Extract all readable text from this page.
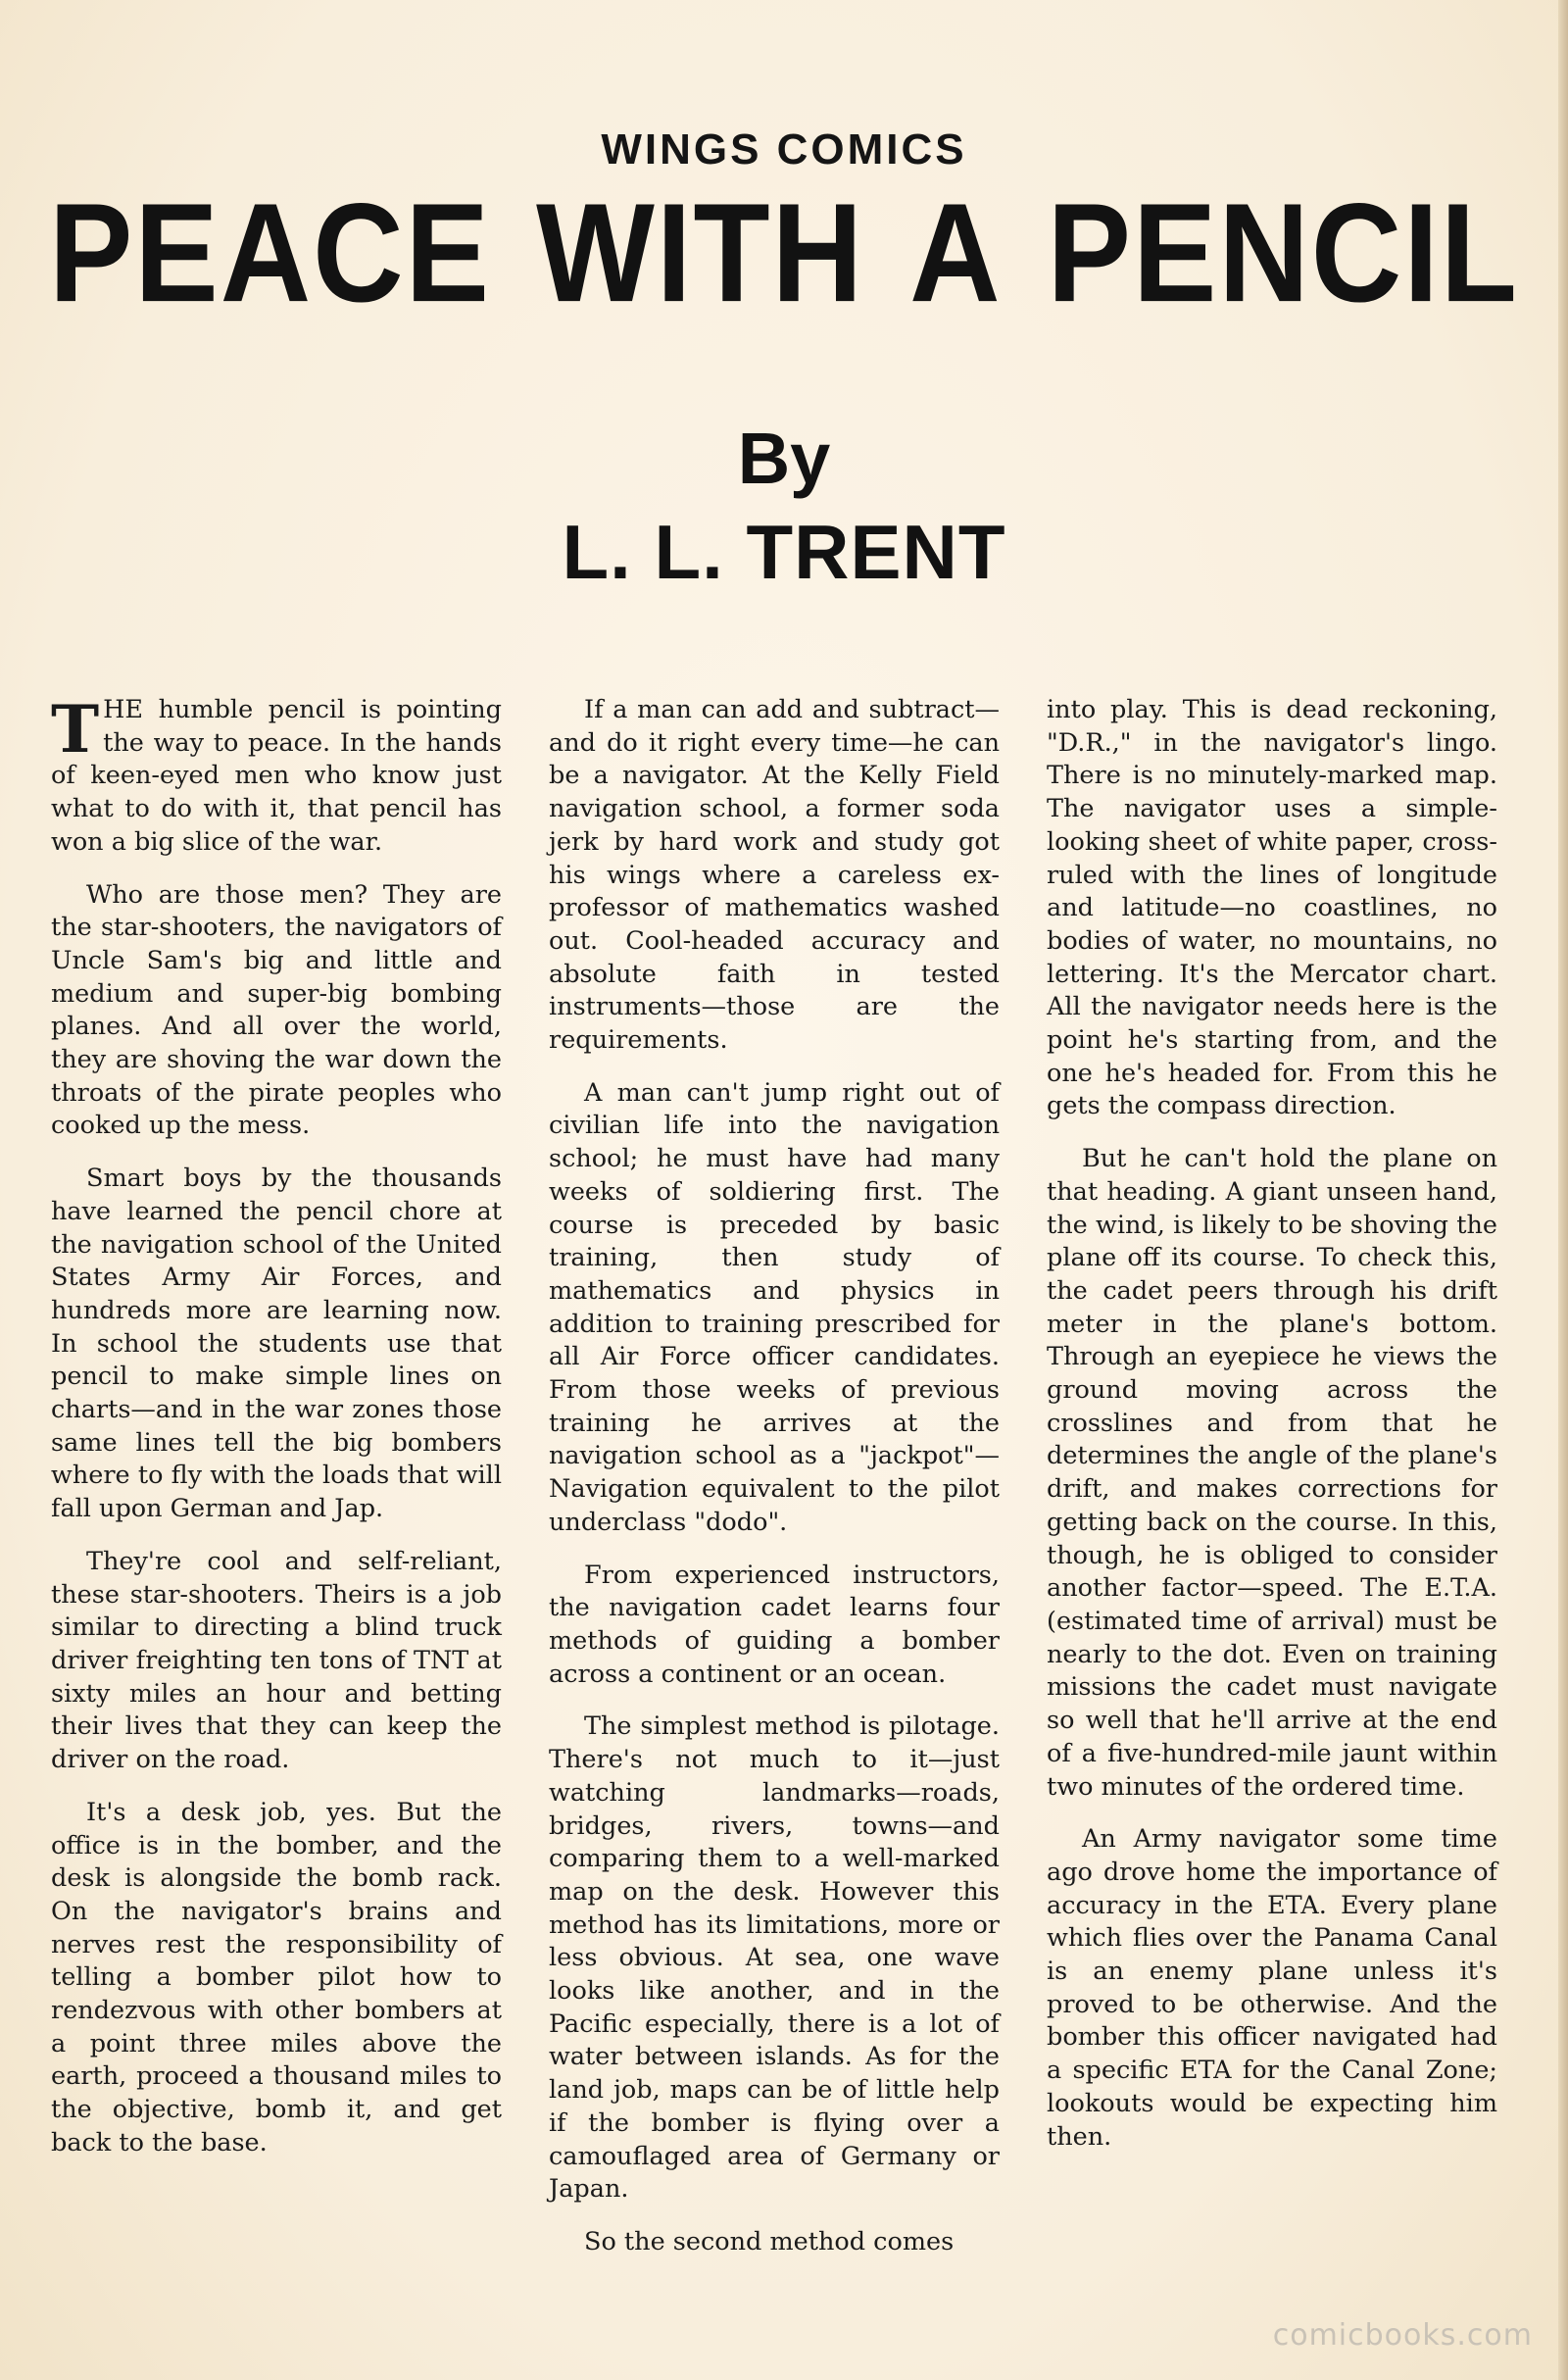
WINGS COMICS
PEACE WITH A PENCIL
By
L. L. TRENT

THE humble pencil is pointing the way to peace. In the hands of keen-eyed men who know just what to do with it, that pencil has won a big slice of the war.

Who are those men? They are the star-shooters, the navigators of Uncle Sam's big and little and medium and super-big bombing planes. And all over the world, they are shoving the war down the throats of the pirate peoples who cooked up the mess.

Smart boys by the thousands have learned the pencil chore at the navigation school of the United States Army Air Forces, and hundreds more are learning now. In school the students use that pencil to make simple lines on charts—and in the war zones those same lines tell the big bombers where to fly with the loads that will fall upon German and Jap.

They're cool and self-reliant, these star-shooters. Theirs is a job similar to directing a blind truck driver freighting ten tons of TNT at sixty miles an hour and betting their lives that they can keep the driver on the road.

It's a desk job, yes. But the office is in the bomber, and the desk is alongside the bomb rack. On the navigator's brains and nerves rest the responsibility of telling a bomber pilot how to rendezvous with other bombers at a point three miles above the earth, proceed a thousand miles to the objective, bomb it, and get back to the base.

If a man can add and subtract—and do it right every time—he can be a navigator. At the Kelly Field navigation school, a former soda jerk by hard work and study got his wings where a careless ex-professor of mathematics washed out. Cool-headed accuracy and absolute faith in tested instruments—those are the requirements.

A man can't jump right out of civilian life into the navigation school; he must have had many weeks of soldiering first. The course is preceded by basic training, then study of mathematics and physics in addition to training prescribed for all Air Force officer candidates. From those weeks of previous training he arrives at the navigation school as a "jackpot"—Navigation equivalent to the pilot underclass "dodo".

From experienced instructors, the navigation cadet learns four methods of guiding a bomber across a continent or an ocean.

The simplest method is pilotage. There's not much to it—just watching landmarks—roads, bridges, rivers, towns—and comparing them to a well-marked map on the desk. However this method has its limitations, more or less obvious. At sea, one wave looks like another, and in the Pacific especially, there is a lot of water between islands. As for the land job, maps can be of little help if the bomber is flying over a camouflaged area of Germany or Japan.

So the second method comes

into play. This is dead reckoning, "D.R.," in the navigator's lingo. There is no minutely-marked map. The navigator uses a simple-looking sheet of white paper, cross-ruled with the lines of longitude and latitude—no coastlines, no bodies of water, no mountains, no lettering. It's the Mercator chart. All the navigator needs here is the point he's starting from, and the one he's headed for. From this he gets the compass direction.

But he can't hold the plane on that heading. A giant unseen hand, the wind, is likely to be shoving the plane off its course. To check this, the cadet peers through his drift meter in the plane's bottom. Through an eyepiece he views the ground moving across the crosslines and from that he determines the angle of the plane's drift, and makes corrections for getting back on the course. In this, though, he is obliged to consider another factor—speed. The E.T.A. (estimated time of arrival) must be nearly to the dot. Even on training missions the cadet must navigate so well that he'll arrive at the end of a five-hundred-mile jaunt within two minutes of the ordered time.

An Army navigator some time ago drove home the importance of accuracy in the ETA. Every plane which flies over the Panama Canal is an enemy plane unless it's proved to be otherwise. And the bomber this officer navigated had a specific ETA for the Canal Zone; lookouts would be expecting him then.

comicbooks.com
